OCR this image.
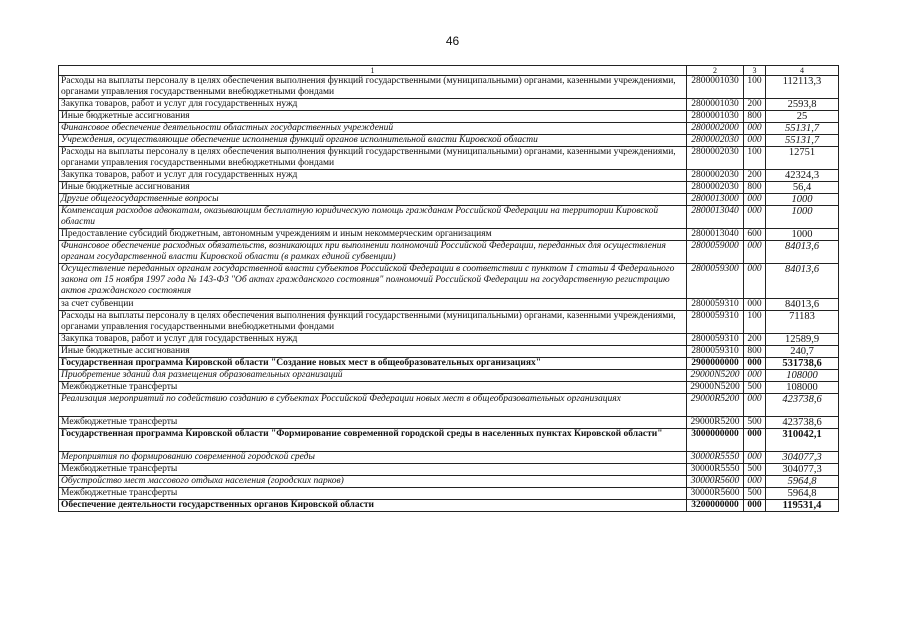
46
1	2	3	4
Расходы на выплаты персоналу в целях обеспечения выполнения функций государственными (муниципальными) органами, казенными учреждениями, органами управления государственными внебюджетными фондами	2800001030	100	112113,3
Закупка товаров, работ и услуг для государственных нужд	2800001030	200	2593,8
Иные бюджетные ассигнования	2800001030	800	25
Финансовое обеспечение деятельности областных государственных учреждений	2800002000	000	55131,7
Учреждения, осуществляющие обеспечение исполнения функций органов исполнительной власти Кировской области	2800002030	000	55131,7
Расходы на выплаты персоналу в целях обеспечения выполнения функций государственными (муниципальными) органами, казенными учреждениями, органами управления государственными внебюджетными фондами	2800002030	100	12751
Закупка товаров, работ и услуг для государственных нужд	2800002030	200	42324,3
Иные бюджетные ассигнования	2800002030	800	56,4
Другие общегосударственные вопросы	2800013000	000	1000
Компенсация расходов адвокатам, оказывающим бесплатную юридическую помощь гражданам Российской Федерации на территории Кировской области	2800013040	000	1000
Предоставление субсидий бюджетным, автономным учреждениям и иным некоммерческим организациям	2800013040	600	1000
Финансовое обеспечение расходных обязательств, возникающих при выполнении полномочий Российской Федерации, переданных для осуществления органам государственной власти Кировской области (в рамках единой субвенции)	2800059000	000	84013,6
Осуществление переданных органам государственной власти субъектов Российской Федерации в соответствии с пунктом 1 статьи 4 Федерального закона от 15 ноября 1997 года № 143-ФЗ "Об актах гражданского состояния" полномочий Российской Федерации на государственную регистрацию актов гражданского состояния	2800059300	000	84013,6
за счет субвенции	2800059310	000	84013,6
Расходы на выплаты персоналу в целях обеспечения выполнения функций государственными (муниципальными) органами, казенными учреждениями, органами управления государственными внебюджетными фондами	2800059310	100	71183
Закупка товаров, работ и услуг для государственных нужд	2800059310	200	12589,9
Иные бюджетные ассигнования	2800059310	800	240,7
Государственная программа Кировской области "Создание новых мест в общеобразовательных организациях"	2900000000	000	531738,6
Приобретение зданий для размещения образовательных организаций	29000N5200	000	108000
Межбюджетные трансферты	29000N5200	500	108000
Реализация мероприятий по содействию созданию в субъектах Российской Федерации новых мест в общеобразовательных организациях	29000R5200	000	423738,6
Межбюджетные трансферты	29000R5200	500	423738,6
Государственная программа Кировской области "Формирование современной городской среды в населенных пунктах Кировской области"	3000000000	000	310042,1
Мероприятия по формированию современной городской среды	30000R5550	000	304077,3
Межбюджетные трансферты	30000R5550	500	304077,3
Обустройство мест массового отдыха населения (городских парков)	30000R5600	000	5964,8
Межбюджетные трансферты	30000R5600	500	5964,8
Обеспечение деятельности государственных органов Кировской области	3200000000	000	119531,4
